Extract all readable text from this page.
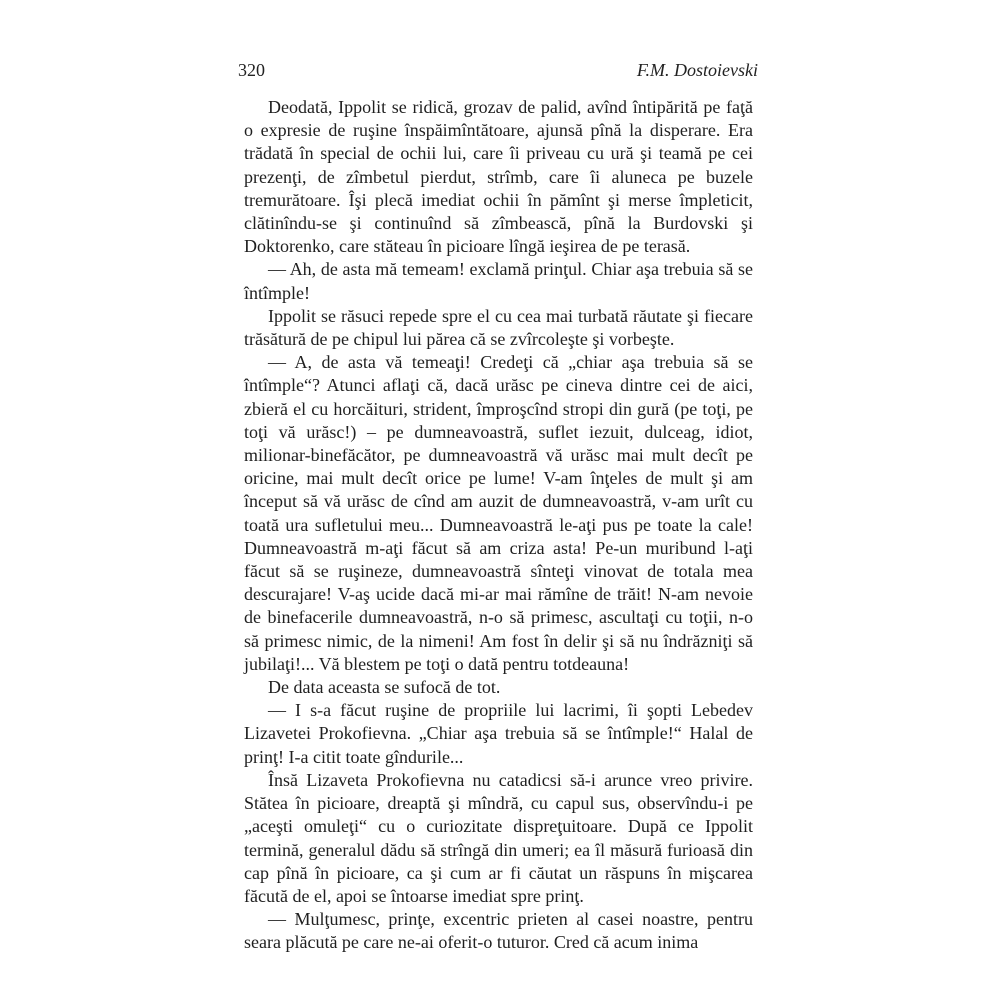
320	F.M. Dostoievski

Deodată, Ippolit se ridică, grozav de palid, avînd întipărită pe faţă o expresie de ruşine înspăimîntătoare, ajunsă pînă la disperare. Era trădată în special de ochii lui, care îi priveau cu ură şi teamă pe cei prezenţi, de zîmbetul pierdut, strîmb, care îi aluneca pe buzele tremurătoare. Îşi plecă imediat ochii în pămînt şi merse împleticit, clătinîndu-se şi continuînd să zîmbească, pînă la Burdovski şi Doktorenko, care stăteau în picioare lîngă ieşirea de pe terasă.

— Ah, de asta mă temeam! exclamă prinţul. Chiar aşa trebuia să se întîmple!

Ippolit se răsuci repede spre el cu cea mai turbată răutate şi fiecare trăsătură de pe chipul lui părea că se zvîrcoleşte şi vorbeşte.

— A, de asta vă temeaţi! Credeţi că „chiar aşa trebuia să se întîmple“? Atunci aflaţi că, dacă urăsc pe cineva dintre cei de aici, zbieră el cu horcăituri, strident, împroşcînd stropi din gură (pe toţi, pe toţi vă urăsc!) – pe dumneavoastră, suflet iezuit, dulceag, idiot, milionar-binefăcător, pe dumneavoastră vă urăsc mai mult decît pe oricine, mai mult decît orice pe lume! V-am înţeles de mult şi am început să vă urăsc de cînd am auzit de dumneavoastră, v-am urît cu toată ura sufletului meu... Dumneavoastră le-aţi pus pe toate la cale! Dumneavoastră m-aţi făcut să am criza asta! Pe-un muribund l-aţi făcut să se ruşineze, dumneavoastră sînteţi vinovat de totala mea descurajare! V-aş ucide dacă mi-ar mai rămîne de trăit! N-am nevoie de binefacerile dumneavoastră, n-o să primesc, ascultaţi cu toţii, n-o să primesc nimic, de la nimeni! Am fost în delir şi să nu îndrăzniţi să jubilaţi!... Vă blestem pe toţi o dată pentru totdeauna!

De data aceasta se sufocă de tot.

— I s-a făcut ruşine de propriile lui lacrimi, îi şopti Lebedev Lizavetei Prokofievna. „Chiar aşa trebuia să se întîmple!“ Halal de prinţ! I-a citit toate gîndurile...

Însă Lizaveta Prokofievna nu catadicsi să-i arunce vreo privire. Stătea în picioare, dreaptă şi mîndră, cu capul sus, observîndu-i pe „aceşti omuleţi“ cu o curiozitate dispreţuitoare. După ce Ippolit termină, generalul dădu să strîngă din umeri; ea îl măsură furioasă din cap pînă în picioare, ca şi cum ar fi căutat un răspuns în mişcarea făcută de el, apoi se întoarse imediat spre prinţ.

— Mulţumesc, prinţe, excentric prieten al casei noastre, pentru seara plăcută pe care ne-ai oferit-o tuturor. Cred că acum inima
